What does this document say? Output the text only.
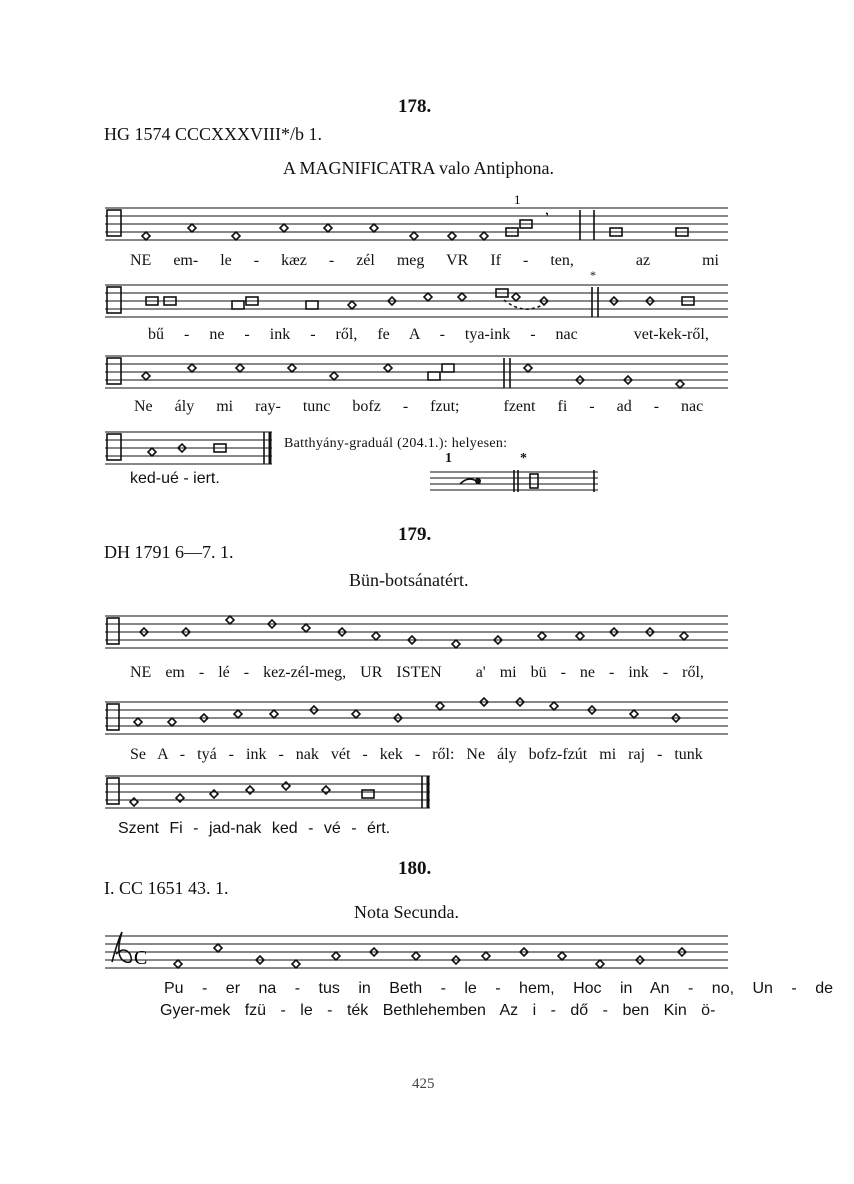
178.
HG 1574 CCCXXXVIII*/b 1.
A MAGNIFICATRA valo Antiphona.
1
,
NE em- le - kæz - zél meg VR If - ten,	az	mi
bű - ne - ink - ről, fe A - tya-ink - nac	vet-kek-ről,
Ne ály mi ray- tunc bofz - fzut;	fzent fi - ad - nac
ked-ué - iert.
Batthyány-graduál (204.1.): helyesen:
1	*
179.
DH 1791 6—7. 1.
Bün-botsánatért.
NE em - lé - kez-zél-meg, UR ISTEN a' mi bü - ne - ink - ről,
Se A - tyá - ink - nak vét - kek - ről: Ne ály bofz-fzút mi raj - tunk
Szent Fi - jad-nak ked - vé - ért.
180.
I. CC 1651 43. 1.
Nota Secunda.
C
Pu - er na - tus in Beth - le - hem, Hoc in An - no, Un - de
Gyer-mek fzü - le - ték Bethlehemben Az i - dő - ben Kin ö-
425
*
